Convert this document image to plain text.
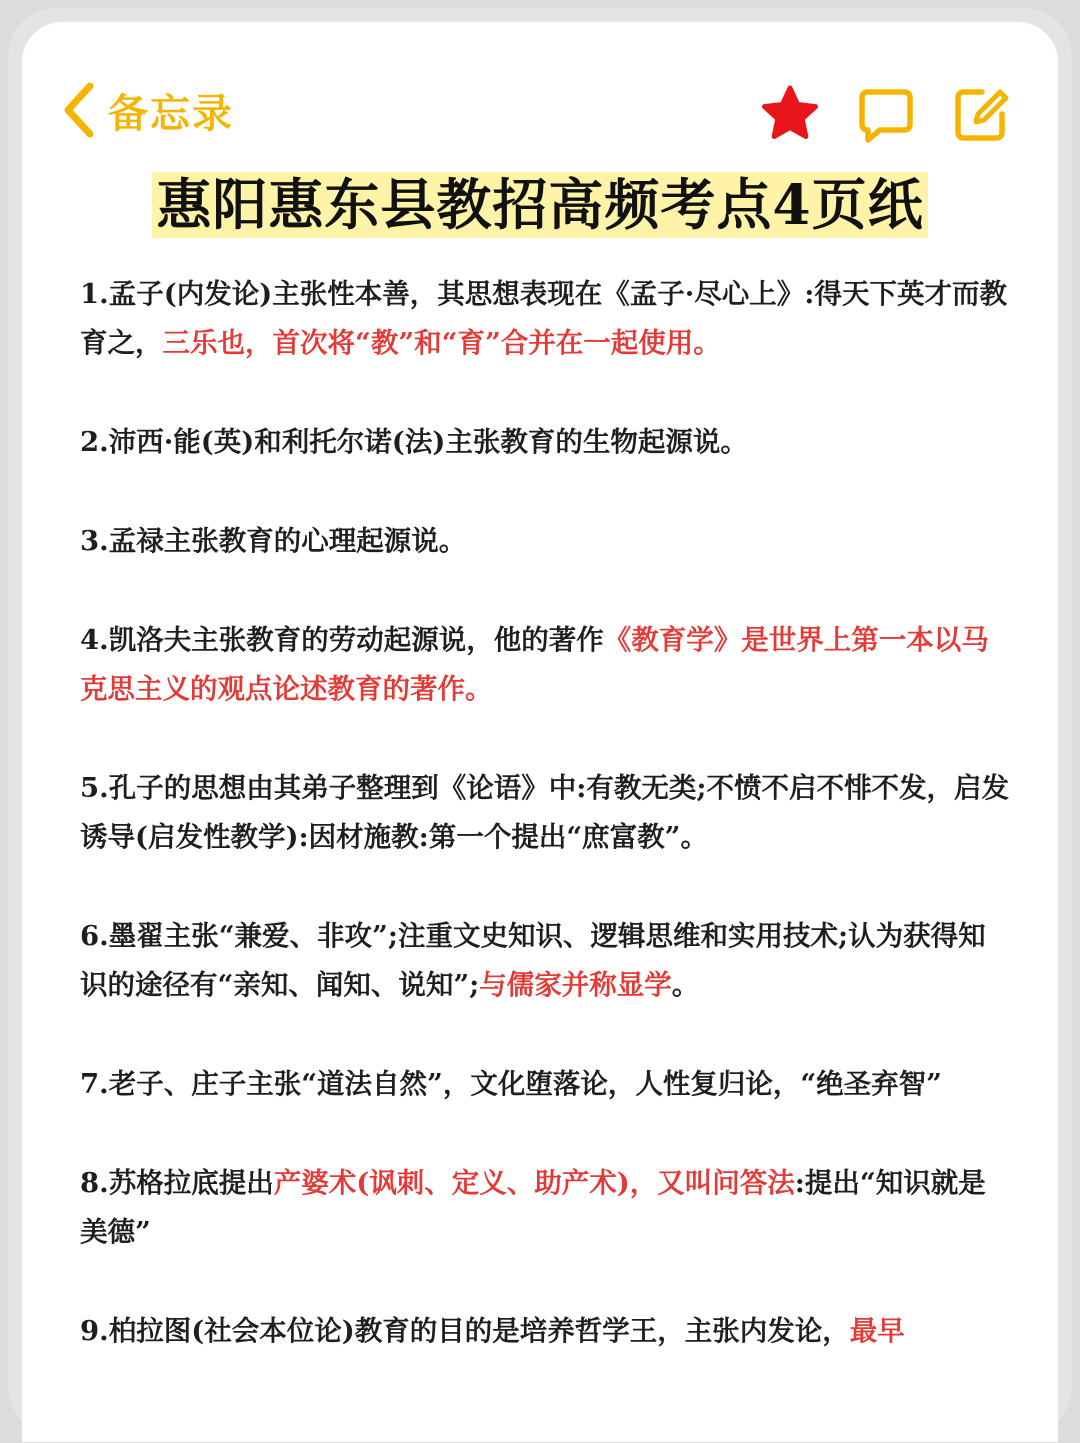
备忘录
惠阳惠东县教招高频考点4页纸

1.孟子(内发论)主张性本善，其思想表现在《孟子·尽心上》:得天下英才而教育之，三乐也，首次将“教”和“育”合并在一起使用。

2.沛西·能(英)和利托尔诺(法)主张教育的生物起源说。

3.孟禄主张教育的心理起源说。

4.凯洛夫主张教育的劳动起源说，他的著作《教育学》是世界上第一本以马克思主义的观点论述教育的著作。

5.孔子的思想由其弟子整理到《论语》中:有教无类;不愤不启不悱不发，启发诱导(启发性教学):因材施教:第一个提出“庶富教”。

6.墨翟主张“兼爱、非攻”;注重文史知识、逻辑思维和实用技术;认为获得知识的途径有“亲知、闻知、说知”;与儒家并称显学。

7.老子、庄子主张“道法自然”，文化堕落论，人性复归论，“绝圣弃智”

8.苏格拉底提出产婆术(讽刺、定义、助产术)，又叫问答法:提出“知识就是美德”

9.柏拉图(社会本位论)教育的目的是培养哲学王，主张内发论，最早
